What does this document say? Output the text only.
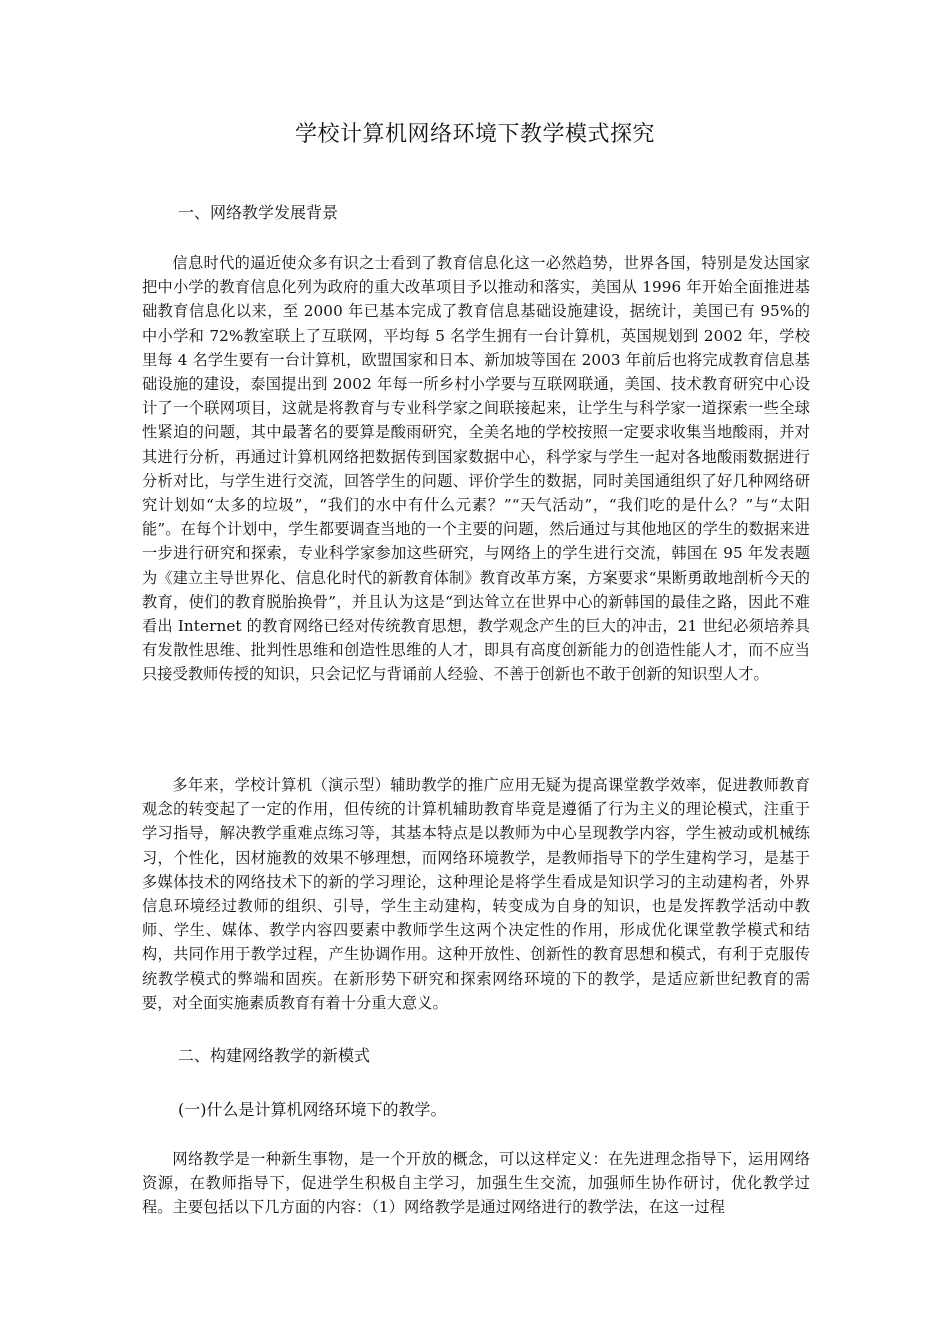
学校计算机网络环境下教学模式探究
一、网络教学发展背景

信息时代的逼近使众多有识之士看到了教育信息化这一必然趋势，世界各国，特别是发达国家把中小学的教育信息化列为政府的重大改革项目予以推动和落实，美国从 1996 年开始全面推进基础教育信息化以来，至 2000 年已基本完成了教育信息基础设施建设，据统计，美国已有 95%的中小学和 72%教室联上了互联网，平均每 5 名学生拥有一台计算机，英国规划到 2002 年，学校里每 4 名学生要有一台计算机，欧盟国家和日本、新加坡等国在 2003 年前后也将完成教育信息基础设施的建设，泰国提出到 2002 年每一所乡村小学要与互联网联通，美国、技术教育研究中心设计了一个联网项目，这就是将教育与专业科学家之间联接起来，让学生与科学家一道探索一些全球性紧迫的问题，其中最著名的要算是酸雨研究，全美名地的学校按照一定要求收集当地酸雨，并对其进行分析，再通过计算机网络把数据传到国家数据中心，科学家与学生一起对各地酸雨数据进行分析对比，与学生进行交流，回答学生的问题、评价学生的数据，同时美国通组织了好几种网络研究计划如“太多的垃圾”，“我们的水中有什么元素？”“天气活动”，“我们吃的是什么？”与“太阳能”。在每个计划中，学生都要调查当地的一个主要的问题，然后通过与其他地区的学生的数据来进一步进行研究和探索，专业科学家参加这些研究，与网络上的学生进行交流，韩国在 95 年发表题为《建立主导世界化、信息化时代的新教育体制》教育改革方案，方案要求“果断勇敢地剖析今天的教育，使们的教育脱胎换骨”，并且认为这是“到达耸立在世界中心的新韩国的最佳之路，因此不难看出 Internet 的教育网络已经对传统教育思想，教学观念产生的巨大的冲击，21 世纪必须培养具有发散性思维、批判性思维和创造性思维的人才，即具有高度创新能力的创造性能人才，而不应当只接受教师传授的知识，只会记忆与背诵前人经验、不善于创新也不敢于创新的知识型人才。

多年来，学校计算机（演示型）辅助教学的推广应用无疑为提高课堂教学效率，促进教师教育观念的转变起了一定的作用，但传统的计算机辅助教育毕竟是遵循了行为主义的理论模式，注重于学习指导，解决教学重难点练习等，其基本特点是以教师为中心呈现教学内容，学生被动或机械练习，个性化，因材施教的效果不够理想，而网络环境教学，是教师指导下的学生建构学习，是基于多媒体技术的网络技术下的新的学习理论，这种理论是将学生看成是知识学习的主动建构者，外界信息环境经过教师的组织、引导，学生主动建构，转变成为自身的知识，也是发挥教学活动中教师、学生、媒体、教学内容四要素中教师学生这两个决定性的作用，形成优化课堂教学模式和结构，共同作用于教学过程，产生协调作用。这种开放性、创新性的教育思想和模式，有利于克服传统教学模式的弊端和固疾。在新形势下研究和探索网络环境的下的教学，是适应新世纪教育的需要，对全面实施素质教育有着十分重大意义。

二、构建网络教学的新模式
(一)什么是计算机网络环境下的教学。

网络教学是一种新生事物，是一个开放的概念，可以这样定义：在先进理念指导下，运用网络资源，在教师指导下，促进学生积极自主学习，加强生生交流，加强师生协作研讨，优化教学过程。主要包括以下几方面的内容：（1）网络教学是通过网络进行的教学法，在这一过程
